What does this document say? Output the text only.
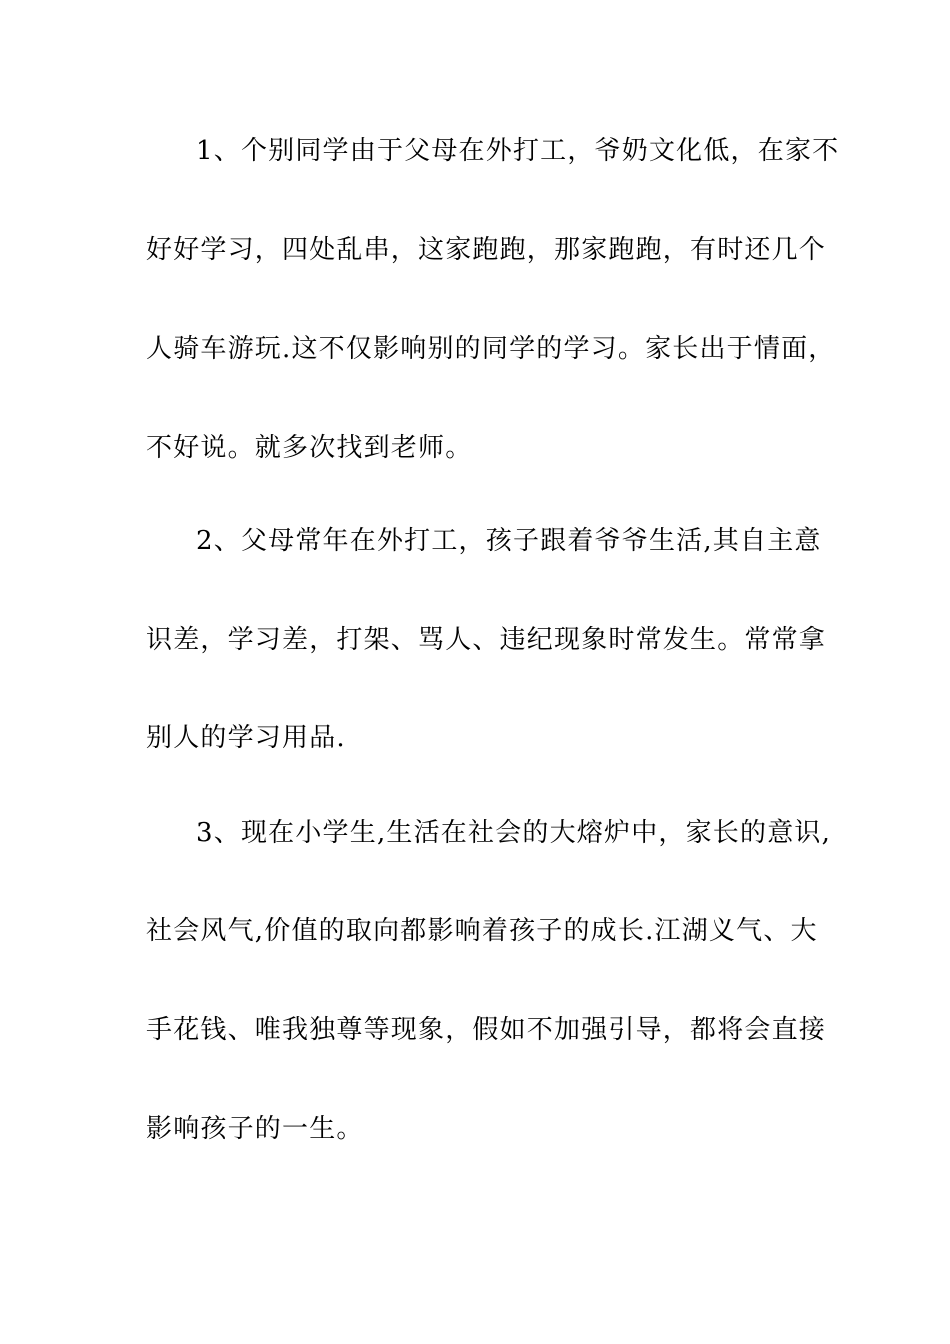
1、个别同学由于父母在外打工，爷奶文化低，在家不
好好学习，四处乱串，这家跑跑，那家跑跑，有时还几个
人骑车游玩.这不仅影响别的同学的学习。家长出于情面，
不好说。就多次找到老师。
2、父母常年在外打工，孩子跟着爷爷生活,其自主意
识差，学习差，打架、骂人、违纪现象时常发生。常常拿
别人的学习用品.
3、现在小学生,生活在社会的大熔炉中，家长的意识,
社会风气,价值的取向都影响着孩子的成长.江湖义气、大
手花钱、唯我独尊等现象，假如不加强引导，都将会直接
影响孩子的一生。
